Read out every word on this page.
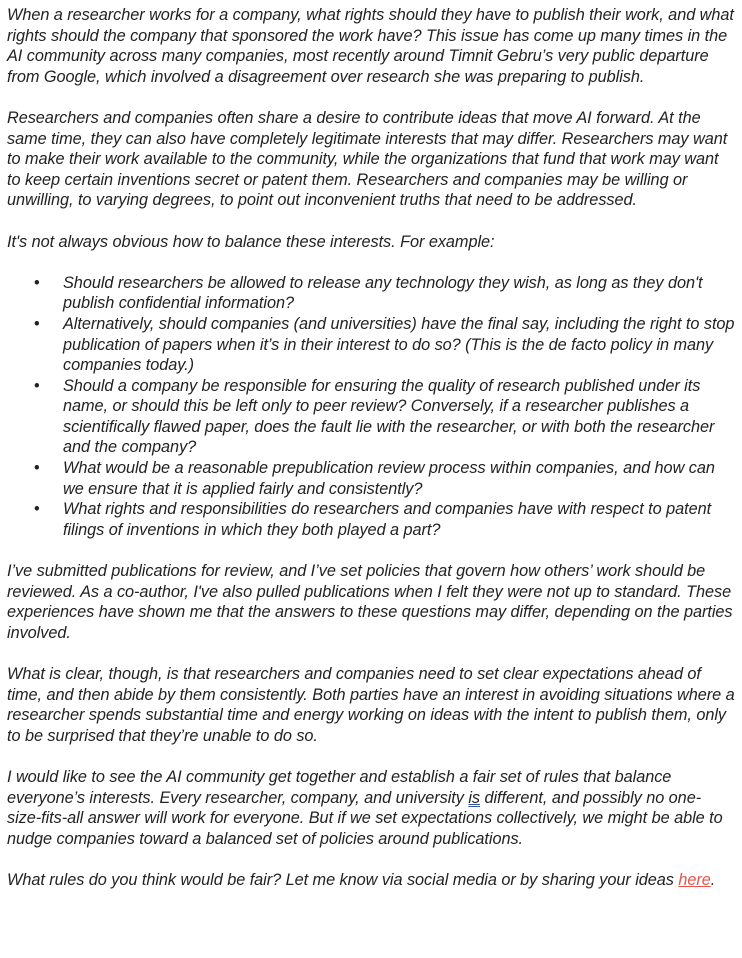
When a researcher works for a company, what rights should they have to publish their work, and what rights should the company that sponsored the work have? This issue has come up many times in the AI community across many companies, most recently around Timnit Gebru’s very public departure from Google, which involved a disagreement over research she was preparing to publish.

Researchers and companies often share a desire to contribute ideas that move AI forward. At the same time, they can also have completely legitimate interests that may differ. Researchers may want to make their work available to the community, while the organizations that fund that work may want to keep certain inventions secret or patent them. Researchers and companies may be willing or unwilling, to varying degrees, to point out inconvenient truths that need to be addressed.

It's not always obvious how to balance these interests. For example:

• Should researchers be allowed to release any technology they wish, as long as they don't publish confidential information?
• Alternatively, should companies (and universities) have the final say, including the right to stop publication of papers when it’s in their interest to do so? (This is the de facto policy in many companies today.)
• Should a company be responsible for ensuring the quality of research published under its name, or should this be left only to peer review? Conversely, if a researcher publishes a scientifically flawed paper, does the fault lie with the researcher, or with both the researcher and the company?
• What would be a reasonable prepublication review process within companies, and how can we ensure that it is applied fairly and consistently?
• What rights and responsibilities do researchers and companies have with respect to patent filings of inventions in which they both played a part?

I’ve submitted publications for review, and I’ve set policies that govern how others’ work should be reviewed. As a co-author, I've also pulled publications when I felt they were not up to standard. These experiences have shown me that the answers to these questions may differ, depending on the parties involved.

What is clear, though, is that researchers and companies need to set clear expectations ahead of time, and then abide by them consistently. Both parties have an interest in avoiding situations where a researcher spends substantial time and energy working on ideas with the intent to publish them, only to be surprised that they’re unable to do so.

I would like to see the AI community get together and establish a fair set of rules that balance everyone’s interests. Every researcher, company, and university is different, and possibly no one-size-fits-all answer will work for everyone. But if we set expectations collectively, we might be able to nudge companies toward a balanced set of policies around publications.

What rules do you think would be fair? Let me know via social media or by sharing your ideas here.
